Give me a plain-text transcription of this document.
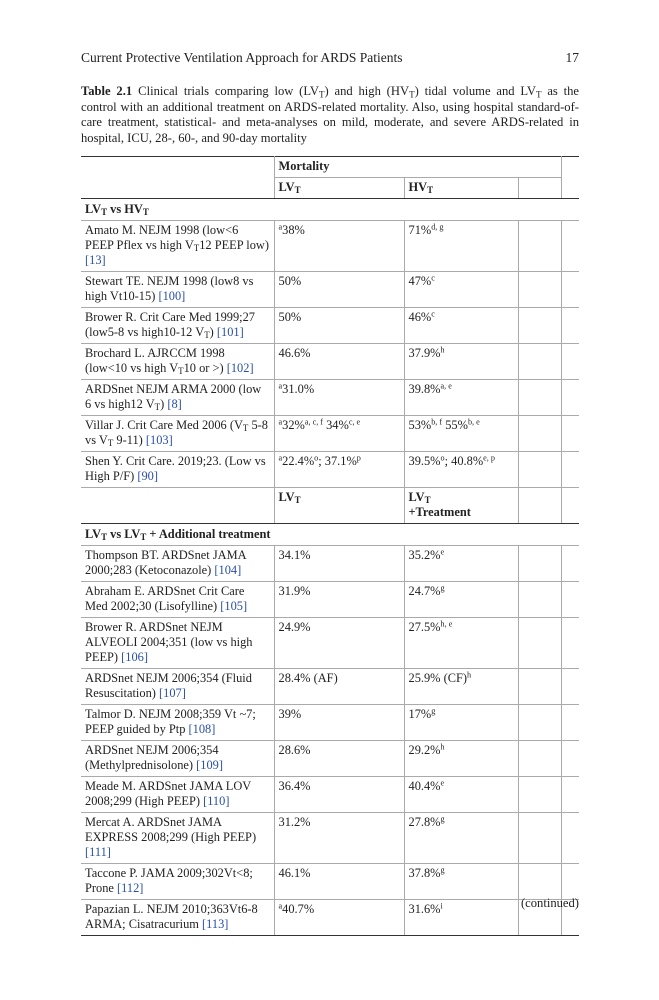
Current Protective Ventilation Approach for ARDS Patients	17
Table 2.1 Clinical trials comparing low $(LV_T)$ and high $(HV_T)$ tidal volume and $LV_T$ as the control with an additional treatment on ARDS-related mortality. Also, using hospital standard-of-care treatment, statistical- and meta-analyses on mild, moderate, and severe ARDS-related in hospital, ICU, 28-, 60-, and 90-day mortality
	Mortality			
	$LV_T$	$HV_T$		
$LV_T$ vs $HV_T$
Amato M. NEJM 1998 (low<6 PEEP Pflex vs high $V_T12$ PEEP low) [13]	$^a$38%	71%$^{d, g}$		
Stewart TE. NEJM 1998 (low8 vs high Vt10-15) [100]	50%	47%$^c$		
Brower R. Crit Care Med 1999;27 (low5-8 vs high10-12 $V_T$) [101]	50%	46%$^c$		
Brochard L. AJRCCM 1998 (low<10 vs high $V_T10$ or >) [102]	46.6%	37.9%$^h$		
ARDSnet NEJM ARMA 2000 (low 6 vs high12 $V_T$) [8]	$^a$31.0%	39.8%$^{a, e}$		
Villar J. Crit Care Med 2006 ($V_T$ 5-8 vs $V_T$ 9-11) [103]	$^a$32%$^{a, c, f}$ 34%$^{c, e}$	53%$^{b, f}$ 55%$^{b, e}$		
Shen Y. Crit Care. 2019;23. (Low vs High P/F) [90]	$^a$22.4%$^o$; 37.1%$^p$	39.5%$^o$; 40.8%$^{e, p}$		
	$LV_T$	$LV_T$
+Treatment		
$LV_T$ vs $LV_T$ + Additional treatment				
Thompson BT. ARDSnet JAMA 2000;283 (Ketoconazole) [104]	34.1%	35.2%$^e$		
Abraham E. ARDSnet Crit Care Med 2002;30 (Lisofylline) [105]	31.9%	24.7%$^g$		
Brower R. ARDSnet NEJM ALVEOLI 2004;351 (low vs high PEEP) [106]	24.9%	27.5%$^{h, e}$		
ARDSnet NEJM 2006;354 (Fluid Resuscitation) [107]	28.4% (AF)	25.9% (CF)$^h$		
Talmor D. NEJM 2008;359 Vt ~7; PEEP guided by Ptp [108]	39%	17%$^g$		
ARDSnet NEJM 2006;354 (Methylprednisolone) [109]	28.6%	29.2%$^h$		
Meade M. ARDSnet JAMA LOV 2008;299 (High PEEP) [110]	36.4%	40.4%$^e$		
Mercat A. ARDSnet JAMA EXPRESS 2008;299 (High PEEP) [111]	31.2%	27.8%$^g$		
Taccone P. JAMA 2009;302Vt<8; Prone [112]	46.1%	37.8%$^g$		
Papazian L. NEJM 2010;363Vt6-8 ARMA; Cisatracurium [113]	$^a$40.7%	31.6%$^i$			(continued)
